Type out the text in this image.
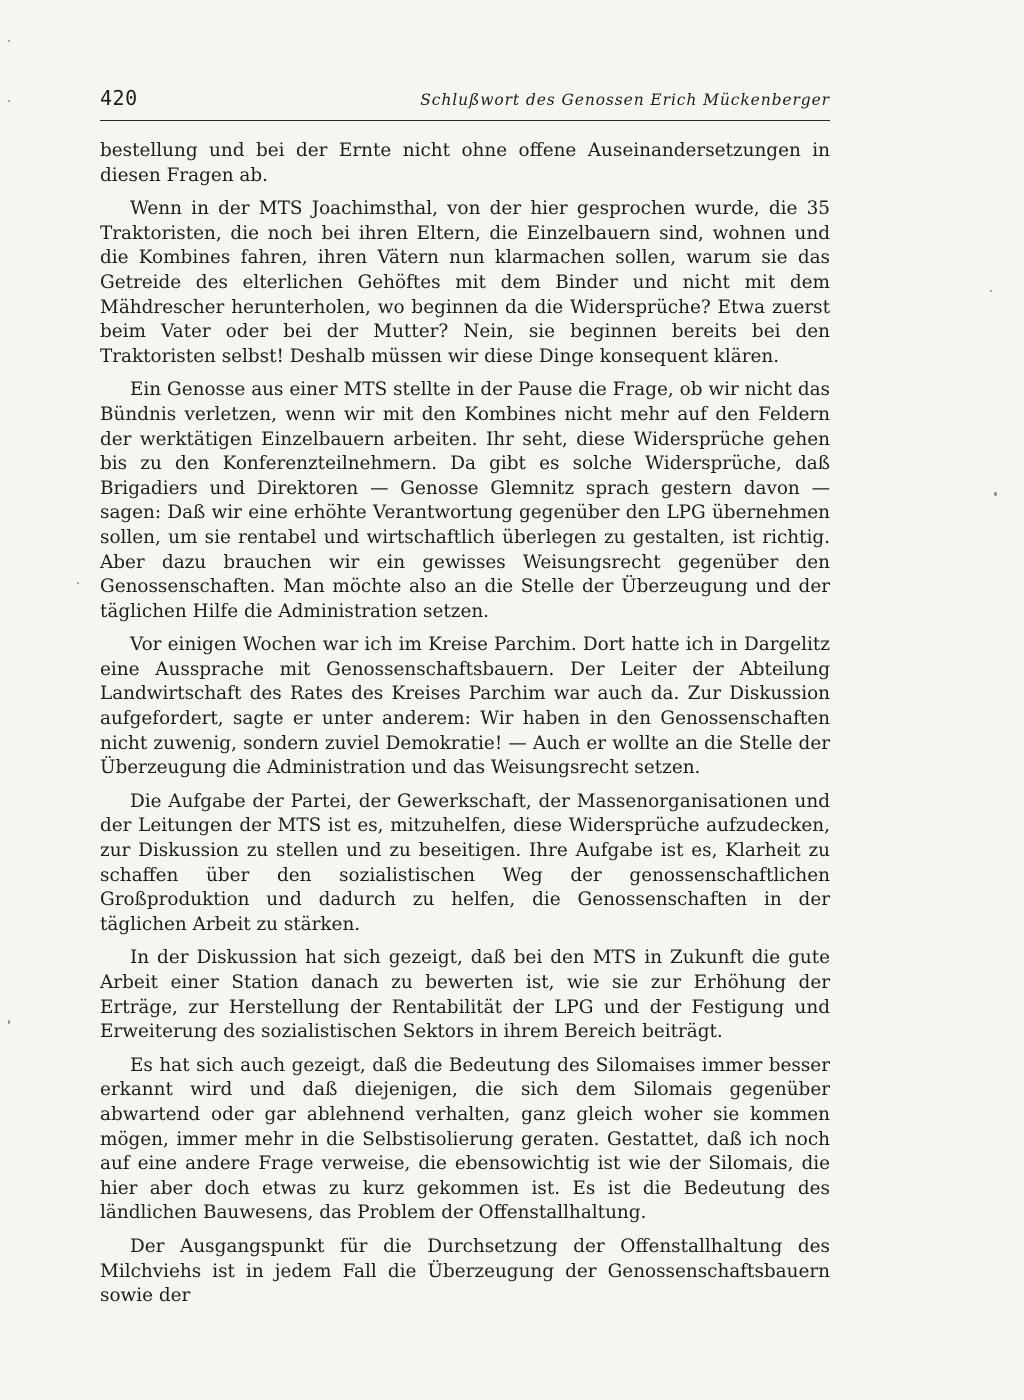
420	Schlußwort des Genossen Erich Mückenberger

bestellung und bei der Ernte nicht ohne offene Auseinandersetzungen in diesen Fragen ab.

Wenn in der MTS Joachimsthal, von der hier gesprochen wurde, die 35 Traktoristen, die noch bei ihren Eltern, die Einzelbauern sind, wohnen und die Kombines fahren, ihren Vätern nun klarmachen sollen, warum sie das Getreide des elterlichen Gehöftes mit dem Binder und nicht mit dem Mähdrescher herunterholen, wo beginnen da die Widersprüche? Etwa zuerst beim Vater oder bei der Mutter? Nein, sie beginnen bereits bei den Traktoristen selbst! Deshalb müssen wir diese Dinge konsequent klären.

Ein Genosse aus einer MTS stellte in der Pause die Frage, ob wir nicht das Bündnis verletzen, wenn wir mit den Kombines nicht mehr auf den Feldern der werktätigen Einzelbauern arbeiten. Ihr seht, diese Widersprüche gehen bis zu den Konferenzteilnehmern. Da gibt es solche Widersprüche, daß Brigadiers und Direktoren — Genosse Glemnitz sprach gestern davon — sagen: Daß wir eine erhöhte Verantwortung gegenüber den LPG übernehmen sollen, um sie rentabel und wirtschaftlich überlegen zu gestalten, ist richtig. Aber dazu brauchen wir ein gewisses Weisungsrecht gegenüber den Genossenschaften. Man möchte also an die Stelle der Überzeugung und der täglichen Hilfe die Administration setzen.

Vor einigen Wochen war ich im Kreise Parchim. Dort hatte ich in Dargelitz eine Aussprache mit Genossenschaftsbauern. Der Leiter der Abteilung Landwirtschaft des Rates des Kreises Parchim war auch da. Zur Diskussion aufgefordert, sagte er unter anderem: Wir haben in den Genossenschaften nicht zuwenig, sondern zuviel Demokratie! — Auch er wollte an die Stelle der Überzeugung die Administration und das Weisungsrecht setzen.

Die Aufgabe der Partei, der Gewerkschaft, der Massenorganisationen und der Leitungen der MTS ist es, mitzuhelfen, diese Widersprüche aufzudecken, zur Diskussion zu stellen und zu beseitigen. Ihre Aufgabe ist es, Klarheit zu schaffen über den sozialistischen Weg der genossenschaftlichen Großproduktion und dadurch zu helfen, die Genossenschaften in der täglichen Arbeit zu stärken.

In der Diskussion hat sich gezeigt, daß bei den MTS in Zukunft die gute Arbeit einer Station danach zu bewerten ist, wie sie zur Erhöhung der Erträge, zur Herstellung der Rentabilität der LPG und der Festigung und Erweiterung des sozialistischen Sektors in ihrem Bereich beiträgt.

Es hat sich auch gezeigt, daß die Bedeutung des Silomaises immer besser erkannt wird und daß diejenigen, die sich dem Silomais gegenüber abwartend oder gar ablehnend verhalten, ganz gleich woher sie kommen mögen, immer mehr in die Selbstisolierung geraten. Gestattet, daß ich noch auf eine andere Frage verweise, die ebensowichtig ist wie der Silomais, die hier aber doch etwas zu kurz gekommen ist. Es ist die Bedeutung des ländlichen Bauwesens, das Problem der Offenstallhaltung.

Der Ausgangspunkt für die Durchsetzung der Offenstallhaltung des Milchviehs ist in jedem Fall die Überzeugung der Genossenschaftsbauern sowie der
